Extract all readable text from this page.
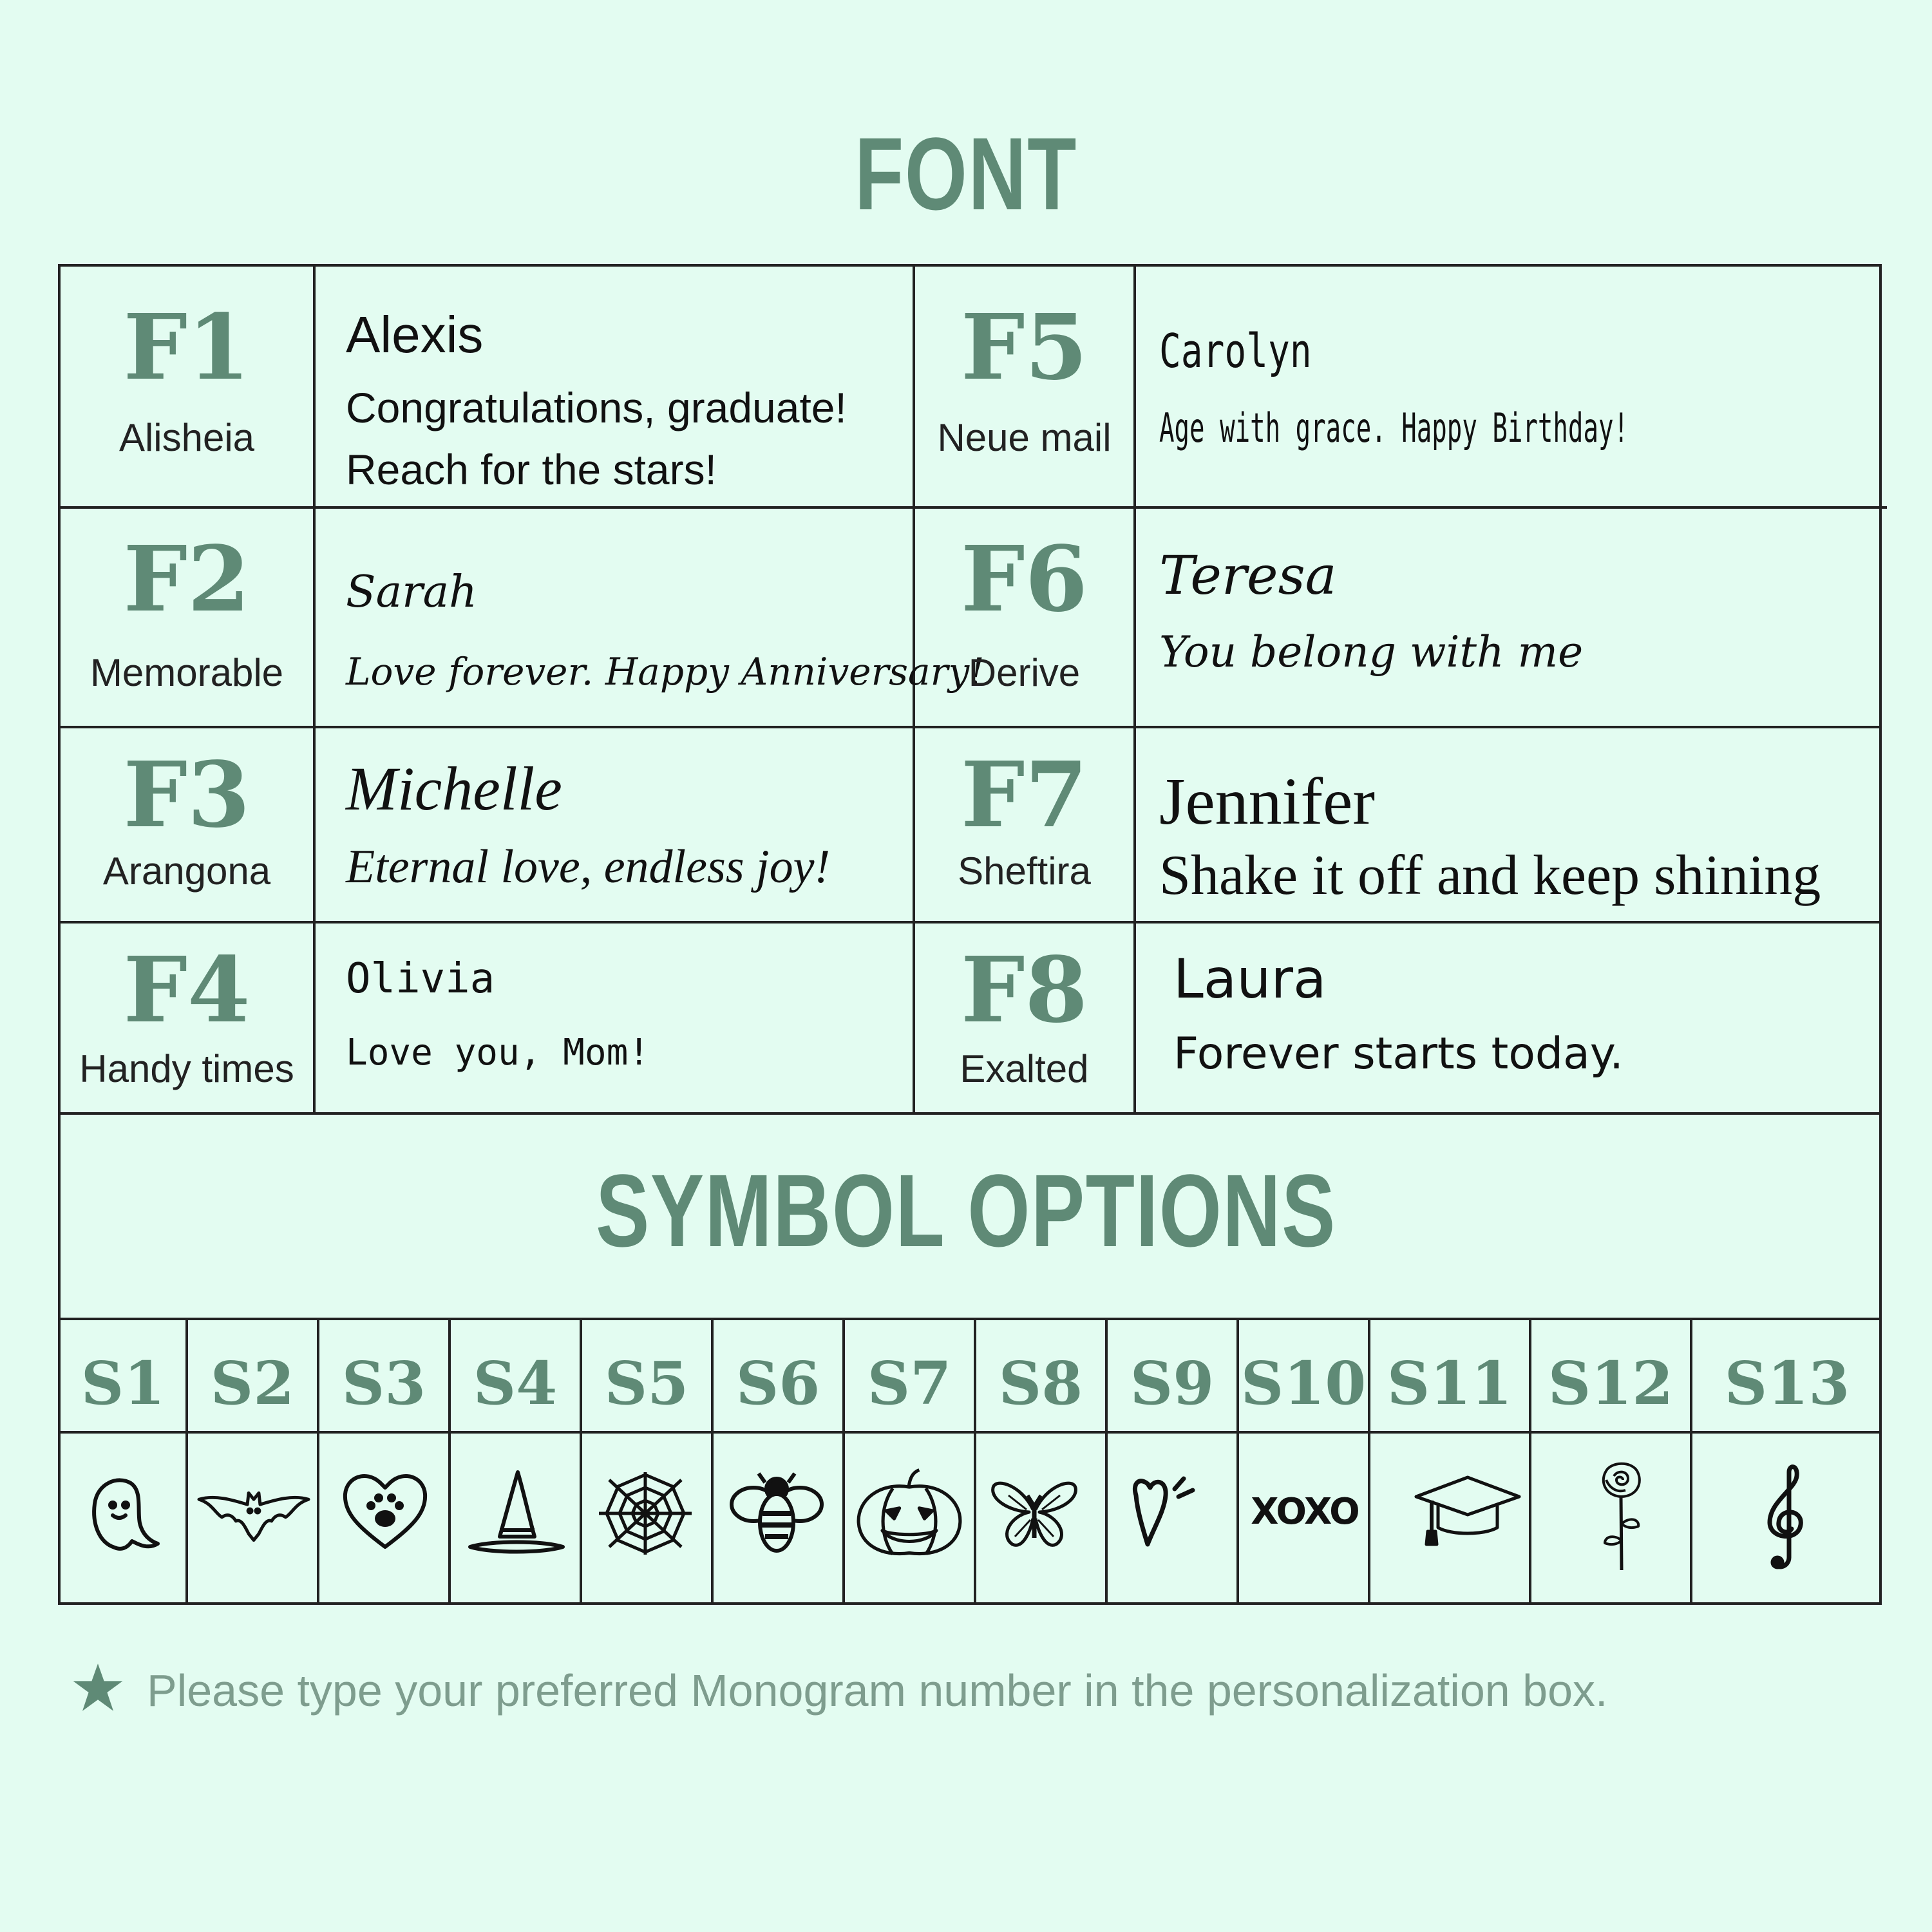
FONT
F1
Alisheia
Alexis
Congratulations, graduate!
Reach for the stars!
F2
Memorable
Sarah
Love forever. Happy Anniversary!
F3
Arangona
Michelle
Eternal love, endless joy!
F4
Handy times
Olivia
Love you, Mom!
F5
Neue mail
Carolyn
Age with grace. Happy Birthday!
F6
Derive
Teresa
You belong with me
F7
Sheftira
Jennifer
Shake it off and keep shining
F8
Exalted
Laura
Forever starts today.
SYMBOL OPTIONS
S1 S2 S3 S4 S5 S6 S7 S8 S9 S10 S11 S12 S13
XOXO
Please type your preferred Monogram number in the personalization box.
